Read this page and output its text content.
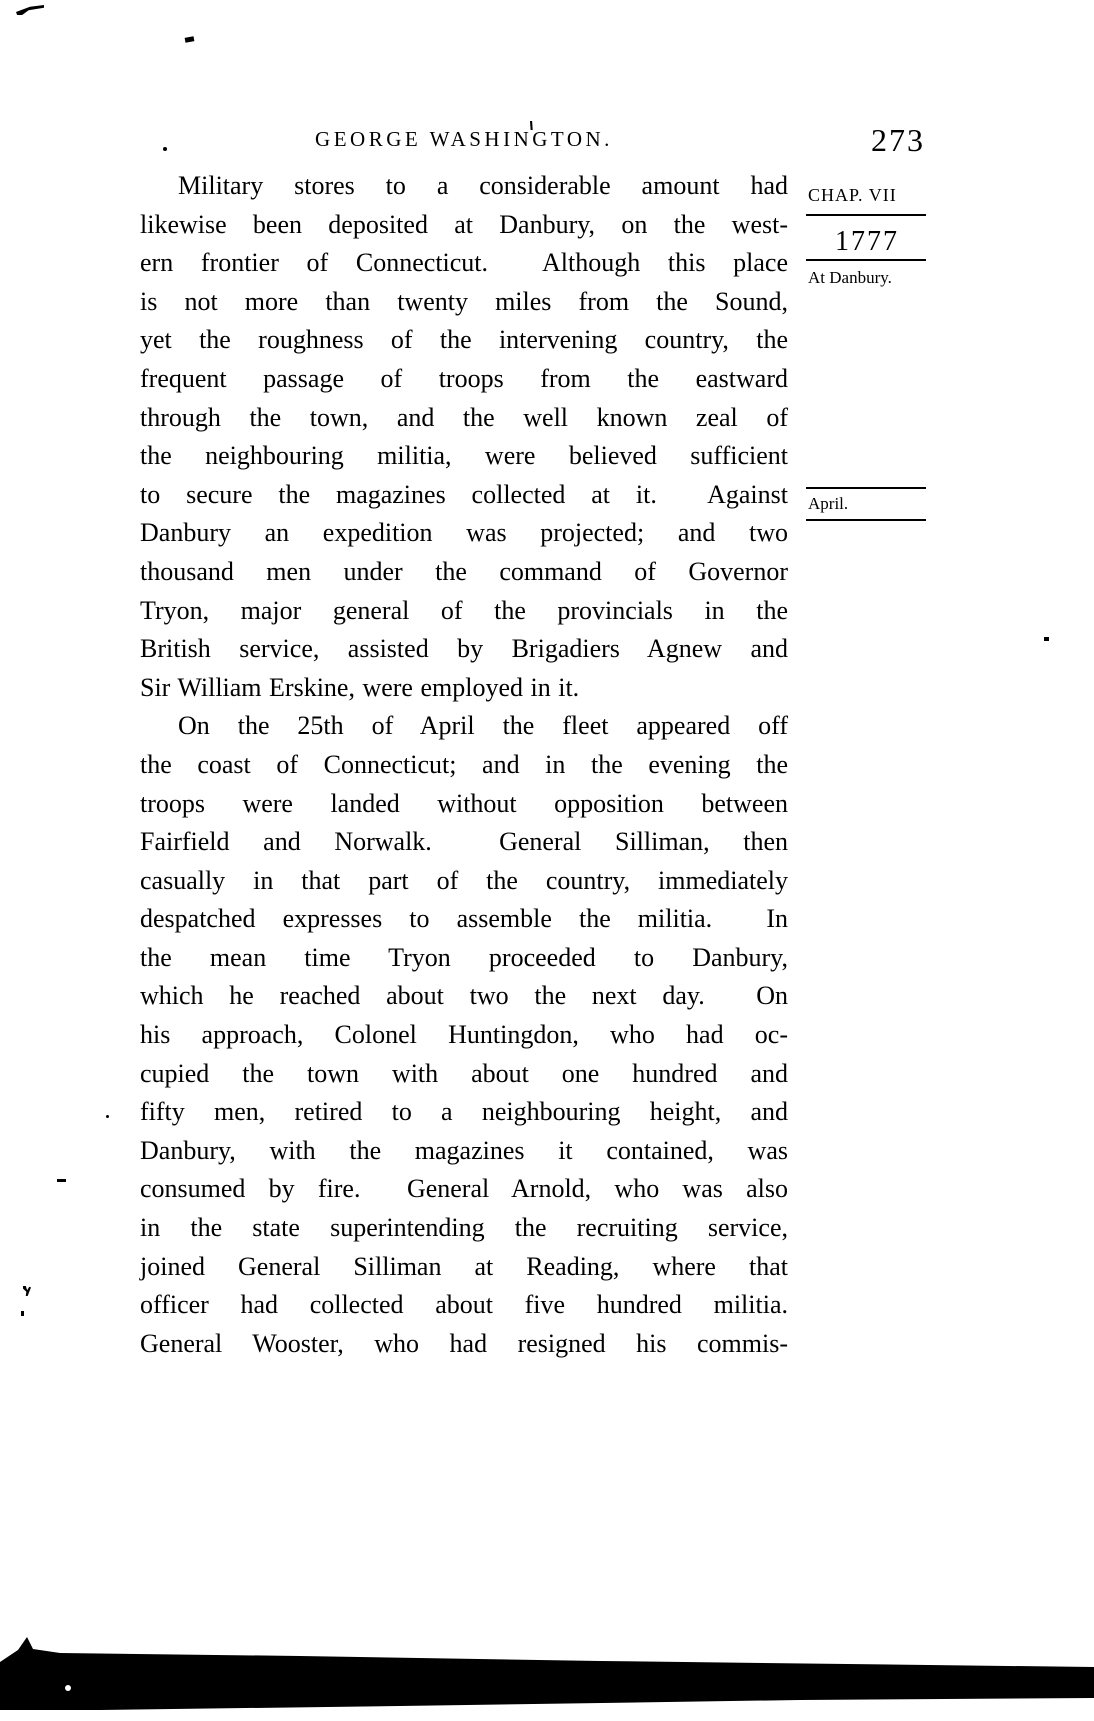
GEORGE WASHINGTON.	273
Military stores to a considerable amount had
likewise been deposited at Danbury, on the west-
ern frontier of Connecticut.  Although this place
is not more than twenty miles from the Sound,
yet the roughness of the intervening country, the
frequent passage of troops from the eastward
through the town, and the well known zeal of
the neighbouring militia, were believed sufficient
to secure the magazines collected at it.  Against
Danbury an expedition was projected; and two
thousand men under the command of Governor
Tryon, major general of the provincials in the
British service, assisted by Brigadiers Agnew and
Sir William Erskine, were employed in it.
On the 25th of April the fleet appeared off
the coast of Connecticut; and in the evening the
troops were landed without opposition between
Fairfield and Norwalk.  General Silliman, then
casually in that part of the country, immediately
despatched expresses to assemble the militia.  In
the mean time Tryon proceeded to Danbury,
which he reached about two the next day.  On
his approach, Colonel Huntingdon, who had oc-
cupied the town with about one hundred and
fifty men, retired to a neighbouring height, and
Danbury, with the magazines it contained, was
consumed by fire.  General Arnold, who was also
in the state superintending the recruiting service,
joined General Silliman at Reading, where that
officer had collected about five hundred militia.
General Wooster, who had resigned his commis-
CHAP. VII
1777
At Danbury.
April.
